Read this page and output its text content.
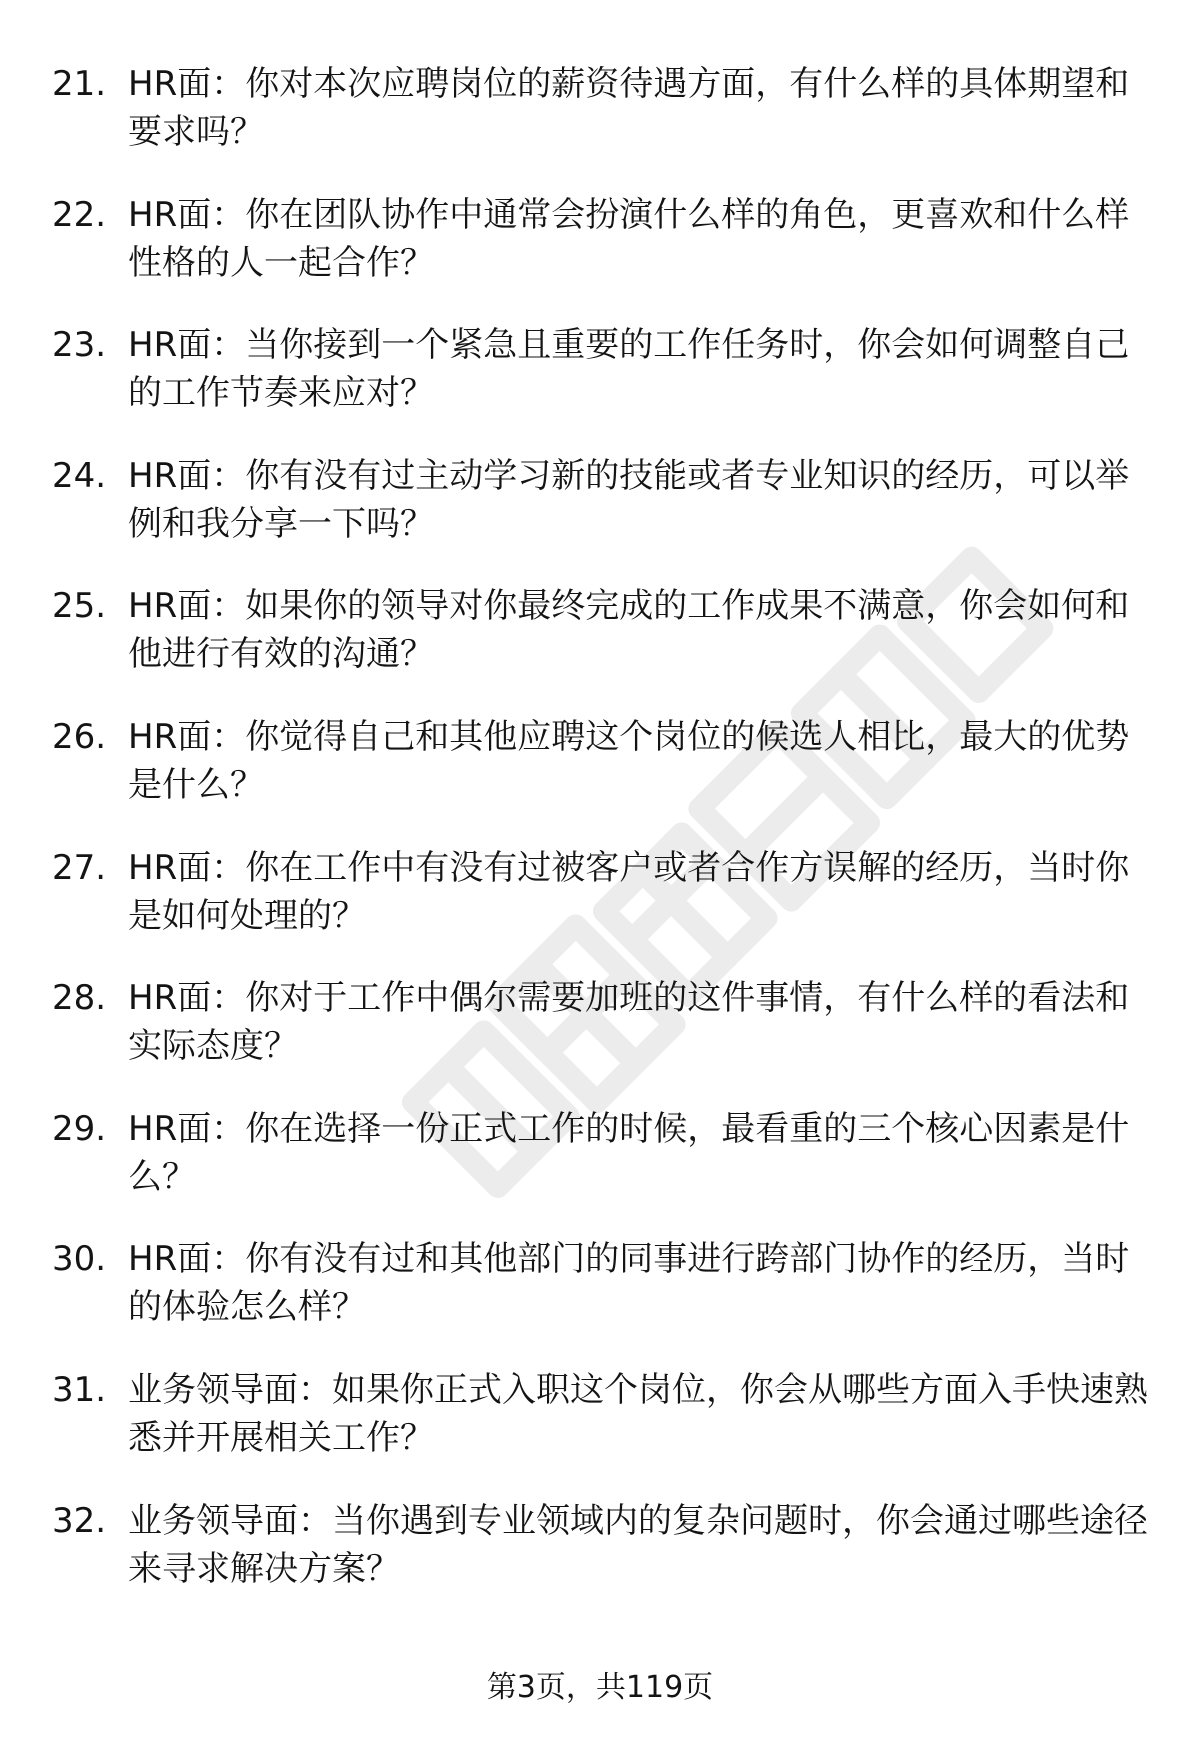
21. HR面：你对本次应聘岗位的薪资待遇方面，有什么样的具体期望和要求吗？
22. HR面：你在团队协作中通常会扮演什么样的角色，更喜欢和什么样性格的人一起合作？
23. HR面：当你接到一个紧急且重要的工作任务时，你会如何调整自己的工作节奏来应对？
24. HR面：你有没有过主动学习新的技能或者专业知识的经历，可以举例和我分享一下吗？
25. HR面：如果你的领导对你最终完成的工作成果不满意，你会如何和他进行有效的沟通？
26. HR面：你觉得自己和其他应聘这个岗位的候选人相比，最大的优势是什么？
27. HR面：你在工作中有没有过被客户或者合作方误解的经历，当时你是如何处理的？
28. HR面：你对于工作中偶尔需要加班的这件事情，有什么样的看法和实际态度？
29. HR面：你在选择一份正式工作的时候，最看重的三个核心因素是什么？
30. HR面：你有没有过和其他部门的同事进行跨部门协作的经历，当时的体验怎么样？
31. 业务领导面：如果你正式入职这个岗位，你会从哪些方面入手快速熟悉并开展相关工作？
32. 业务领导面：当你遇到专业领域内的复杂问题时，你会通过哪些途径来寻求解决方案？
第3页，共119页
